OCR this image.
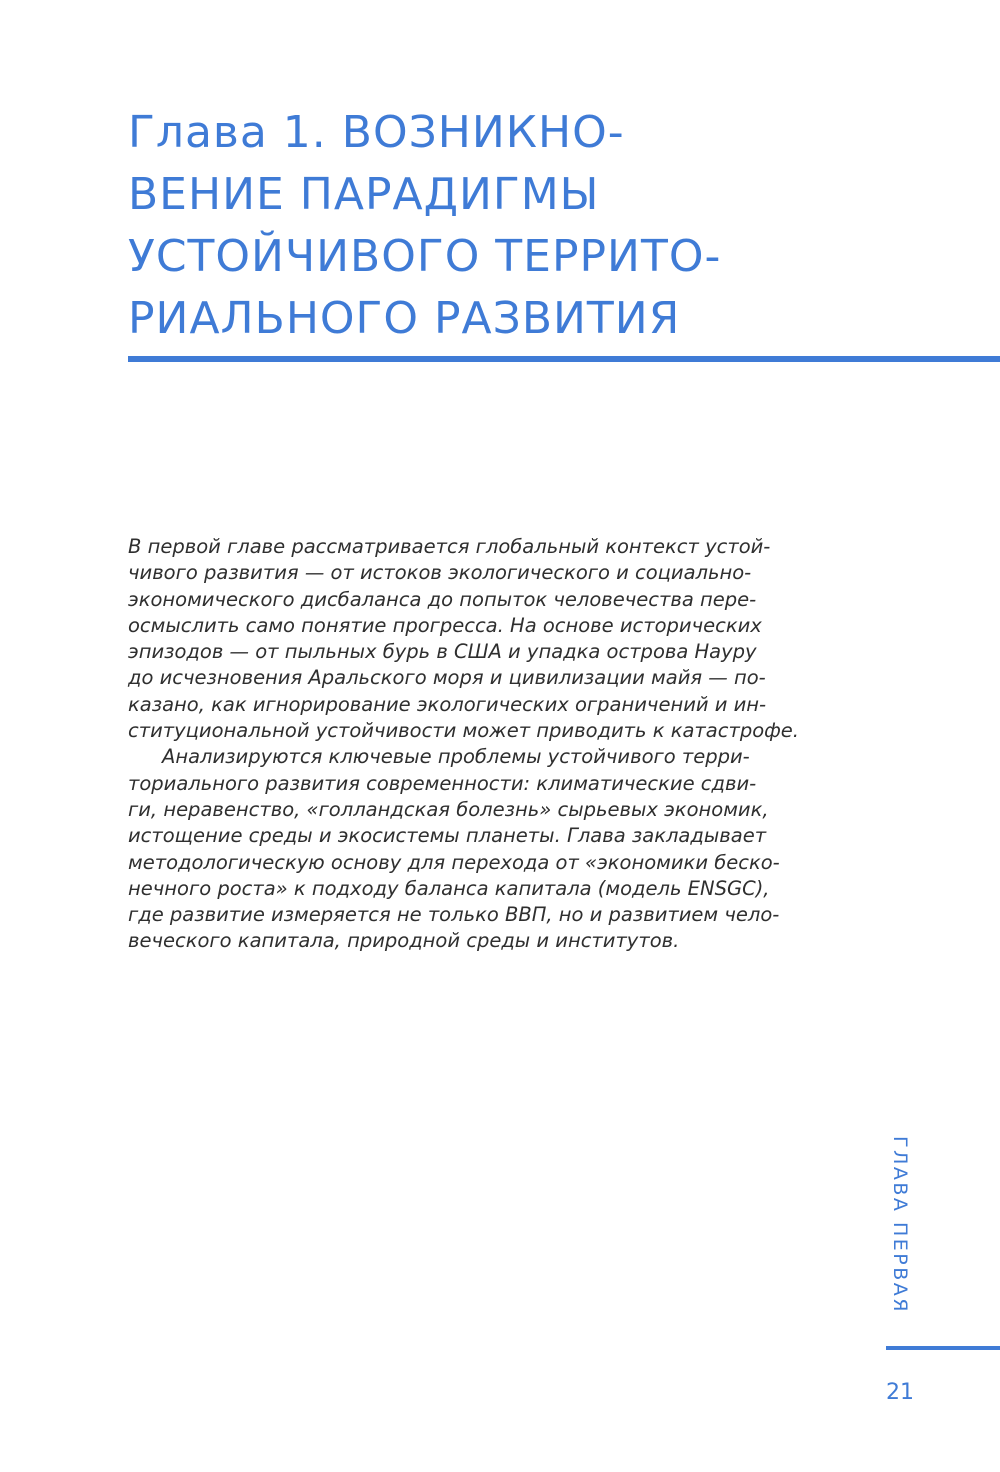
Глава 1. ВОЗНИКНО-
ВЕНИЕ ПАРАДИГМЫ
УСТОЙЧИВОГО ТЕРРИТО-
РИАЛЬНОГО РАЗВИТИЯ
В первой главе рассматривается глобальный контекст устой-
чивого развития — от истоков экологического и социально-
экономического дисбаланса до попыток человечества пере-
осмыслить само понятие прогресса. На основе исторических
эпизодов — от пыльных бурь в США и упадка острова Науру
до исчезновения Аральского моря и цивилизации майя — по-
казано, как игнорирование экологических ограничений и ин-
ституциональной устойчивости может приводить к катастрофе.
Анализируются ключевые проблемы устойчивого терри-
ториального развития современности: климатические сдви-
ги, неравенство, «голландская болезнь» сырьевых экономик,
истощение среды и экосистемы планеты. Глава закладывает
методологическую основу для перехода от «экономики беско-
нечного роста» к подходу баланса капитала (модель ENSGC),
где развитие измеряется не только ВВП, но и развитием чело-
веческого капитала, природной среды и институтов.
ГЛАВА ПЕРВАЯ
21
